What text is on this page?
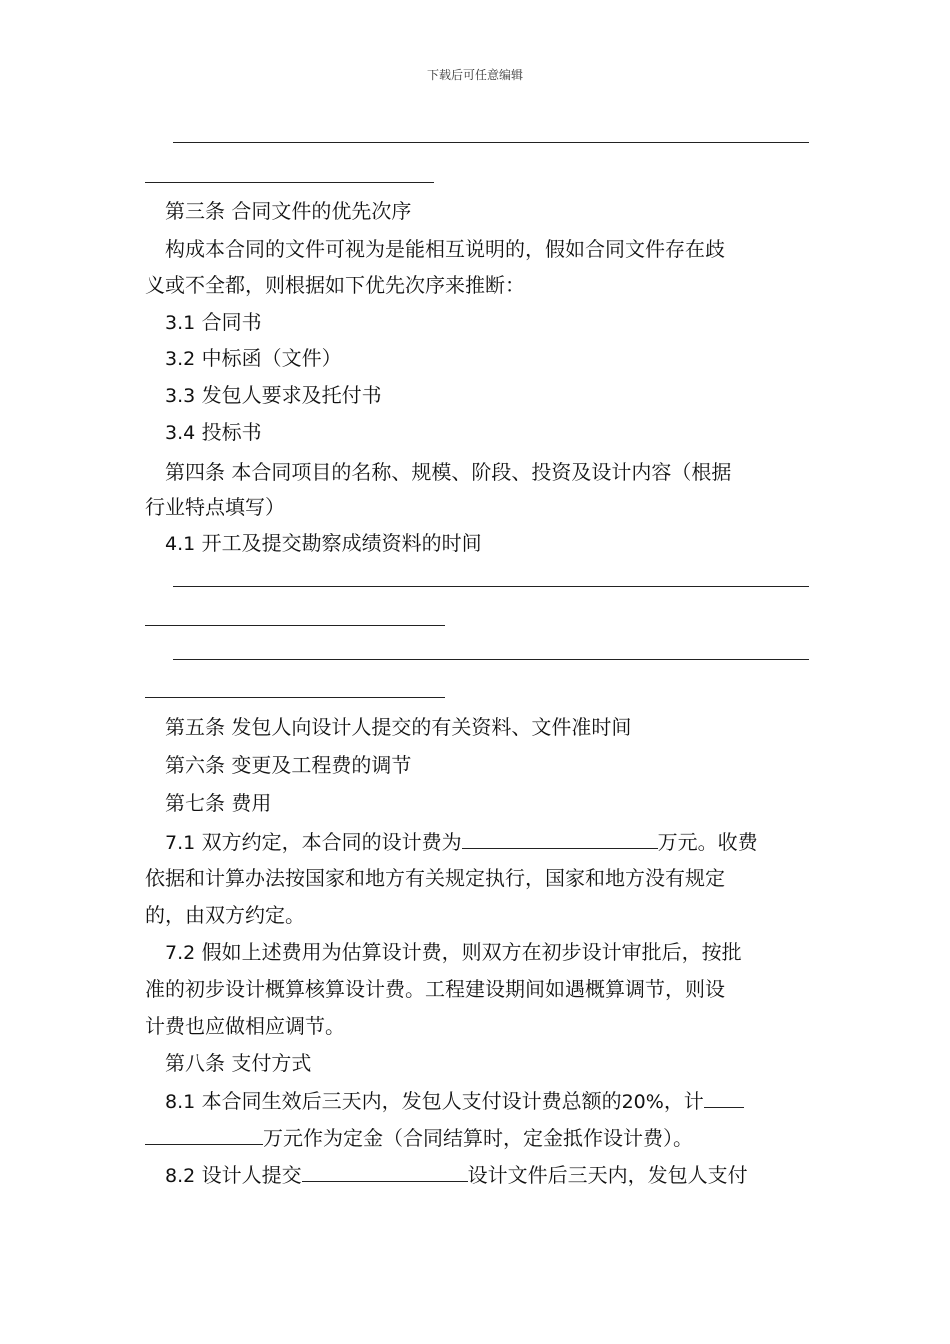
下载后可任意编辑
第三条 合同文件的优先次序
构成本合同的文件可视为是能相互说明的，假如合同文件存在歧
义或不全都，则根据如下优先次序来推断：
3.1 合同书
3.2 中标函（文件）
3.3 发包人要求及托付书
3.4 投标书
第四条 本合同项目的名称、规模、阶段、投资及设计内容（根据
行业特点填写）
4.1 开工及提交勘察成绩资料的时间
第五条 发包人向设计人提交的有关资料、文件准时间
第六条 变更及工程费的调节
第七条 费用
7.1 双方约定，本合同的设计费为	万元。收费
依据和计算办法按国家和地方有关规定执行，国家和地方没有规定
的，由双方约定。
7.2 假如上述费用为估算设计费，则双方在初步设计审批后，按批
准的初步设计概算核算设计费。工程建设期间如遇概算调节，则设
计费也应做相应调节。
第八条 支付方式
8.1 本合同生效后三天内，发包人支付设计费总额的20%，计
万元作为定金（合同结算时，定金抵作设计费）。
8.2 设计人提交	设计文件后三天内，发包人支付
